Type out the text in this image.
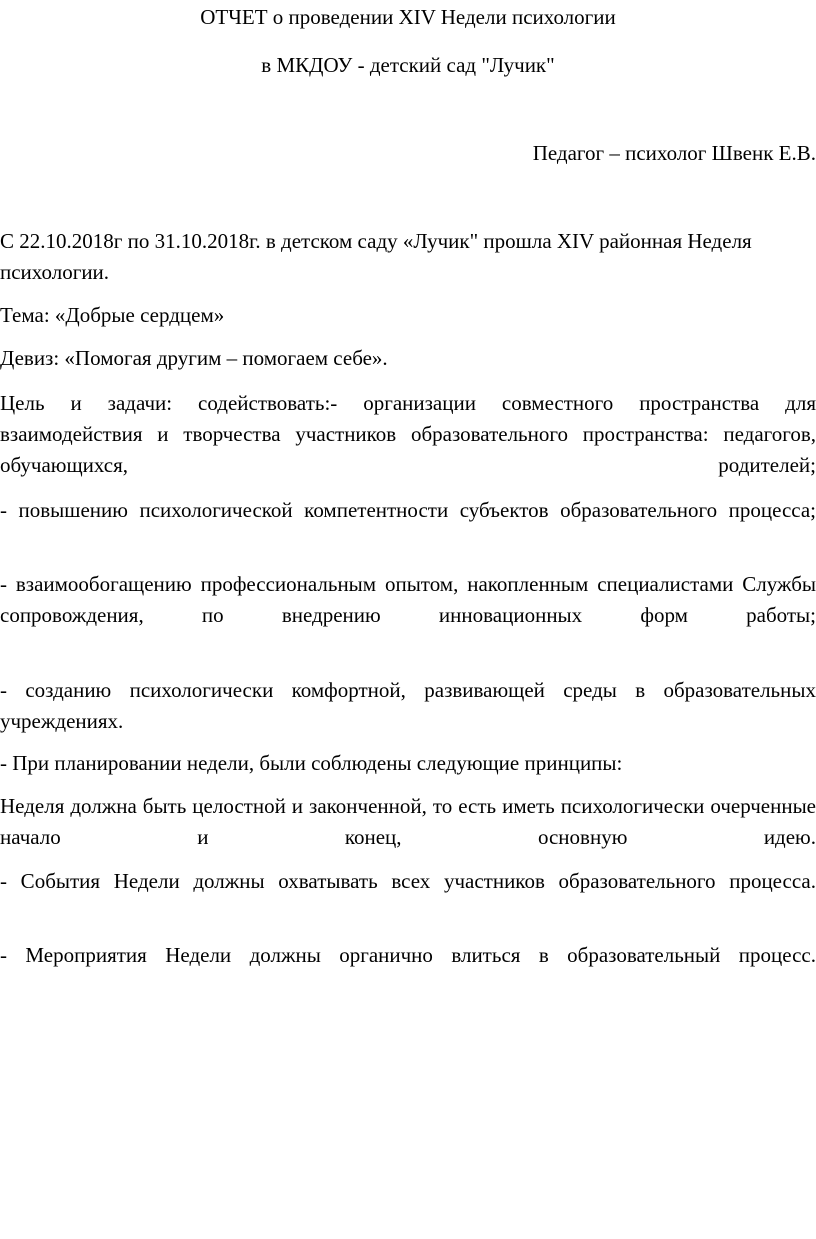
ОТЧЕТ о проведении XIV Недели психологии
в МКДОУ - детский сад "Лучик"
Педагог – психолог Швенк Е.В.

С 22.10.2018г по 31.10.2018г. в детском саду «Лучик" прошла XIV районная Неделя психологии.

Тема: «Добрые сердцем»

Девиз: «Помогая другим – помогаем себе».

Цель и задачи: содействовать:- организации совместного пространства для взаимодействия и творчества участников образовательного пространства: педагогов, обучающихся, родителей;

- повышению психологической компетентности субъектов образовательного процесса;

- взаимообогащению профессиональным опытом, накопленным специалистами Службы сопровождения, по внедрению инновационных форм работы;

- созданию психологически комфортной, развивающей среды в образовательных учреждениях.

- При планировании недели, были соблюдены следующие принципы:

Неделя должна быть целостной и законченной, то есть иметь психологически очерченные начало и конец, основную идею.

- События Недели должны охватывать всех участников образовательного процесса.

- Мероприятия Недели должны органично влиться в образовательный процесс.
